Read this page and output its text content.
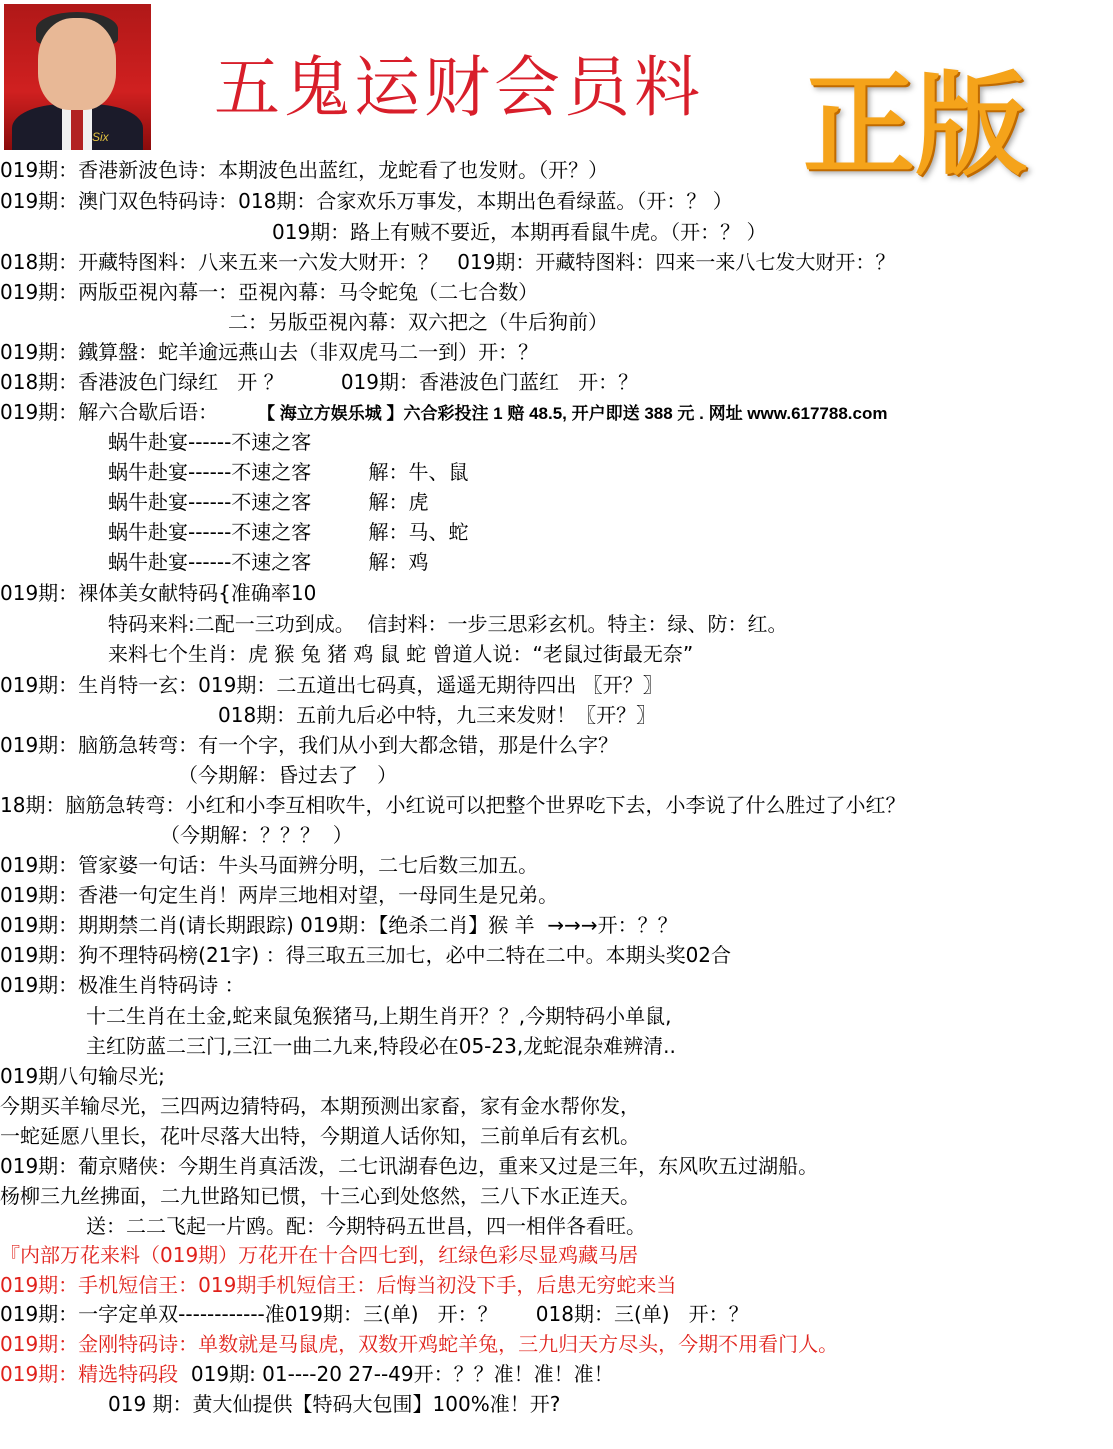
Six
五鬼运财会员料 正版
019期：香港新波色诗：本期波色出蓝红，龙蛇看了也发财。（开？）
019期：澳门双色特码诗：018期：合家欢乐万事发，本期出色看绿蓝。（开：？ ）
019期：路上有贼不要近，本期再看鼠牛虎。（开：？ ）
018期：开藏特图料：八来五来一六发大财开：？   019期：开藏特图料：四来一来八七发大财开：？
019期：两版亞視內幕一：亞視內幕：马令蛇兔（二七合数）
二：另版亞視內幕：双六把之（牛后狗前）
019期：鐵算盤：蛇羊逾远燕山去（非双虎马二一到）开：？
018期：香港波色门绿红   开 ？         019期：香港波色门蓝红   开：？
019期：解六合歇后语： 【 海立方娱乐城 】六合彩投注 1 赔 48.5, 开户即送 388 元 . 网址 www.617788.com
蜗牛赴宴------不速之客
蜗牛赴宴------不速之客         解：牛、鼠
蜗牛赴宴------不速之客         解：虎
蜗牛赴宴------不速之客         解：马、蛇
蜗牛赴宴------不速之客         解：鸡
019期：裸体美女献特码{准确率10
特码来料:二配一三功到成。  信封料：一步三思彩玄机。特主：绿、防：红。
来料七个生肖：虎 猴 兔 猪 鸡 鼠 蛇 曾道人说：“老鼠过街最无奈”
019期：生肖特一玄：019期：二五道出七码真，遥遥无期待四出 〖开？〗
018期：五前九后必中特，九三来发财！〖开？〗
019期：脑筋急转弯：有一个字，我们从小到大都念错，那是什么字？
（今期解：昏过去了   ）
18期：脑筋急转弯：小红和小李互相吹牛，小红说可以把整个世界吃下去，小李说了什么胜过了小红？
（今期解：？？？  ）
019期：管家婆一句话：牛头马面辨分明，二七后数三加五。
019期：香港一句定生肖！两岸三地相对望，一母同生是兄弟。
019期：期期禁二肖(请长期跟踪) 019期：【绝杀二肖】猴 羊  →→→开：？？
019期：狗不理特码榜(21字) ：得三取五三加七，必中二特在二中。本期头奖02合
019期：极准生肖特码诗 ：
十二生肖在土金,蛇来鼠兔猴猪马,上期生肖开？？,今期特码小单鼠,
主红防蓝二三门,三江一曲二九来,特段必在05-23,龙蛇混杂难辨清..
019期八句输尽光;
今期买羊输尽光，三四两边猜特码，本期预测出家畜，家有金水帮你发，
一蛇延愿八里长，花叶尽落大出特，今期道人话你知，三前单后有玄机。
019期：葡京赌侠：今期生肖真活泼，二七讯湖春色边，重来又过是三年，东风吹五过湖船。
杨柳三九丝拂面，二九世路知已惯，十三心到处悠然，三八下水正连天。
送：二二飞起一片鸥。配：今期特码五世昌，四一相伴各看旺。
『内部万花来料（019期）万花开在十合四七到，红绿色彩尽显鸡藏马居
019期：手机短信王：019期手机短信王：后悔当初没下手，后患无穷蛇来当
019期：一字定单双------------准019期：三(单)   开：？      018期：三(单)   开：？
019期：金刚特码诗：单数就是马鼠虎，双数开鸡蛇羊兔，三九归天方尽头，今期不用看门人。
019期：精选特码段  019期: 01----20 27--49开：？？准！准！准！
019 期：黄大仙提供【特码大包围】100%准！开?
